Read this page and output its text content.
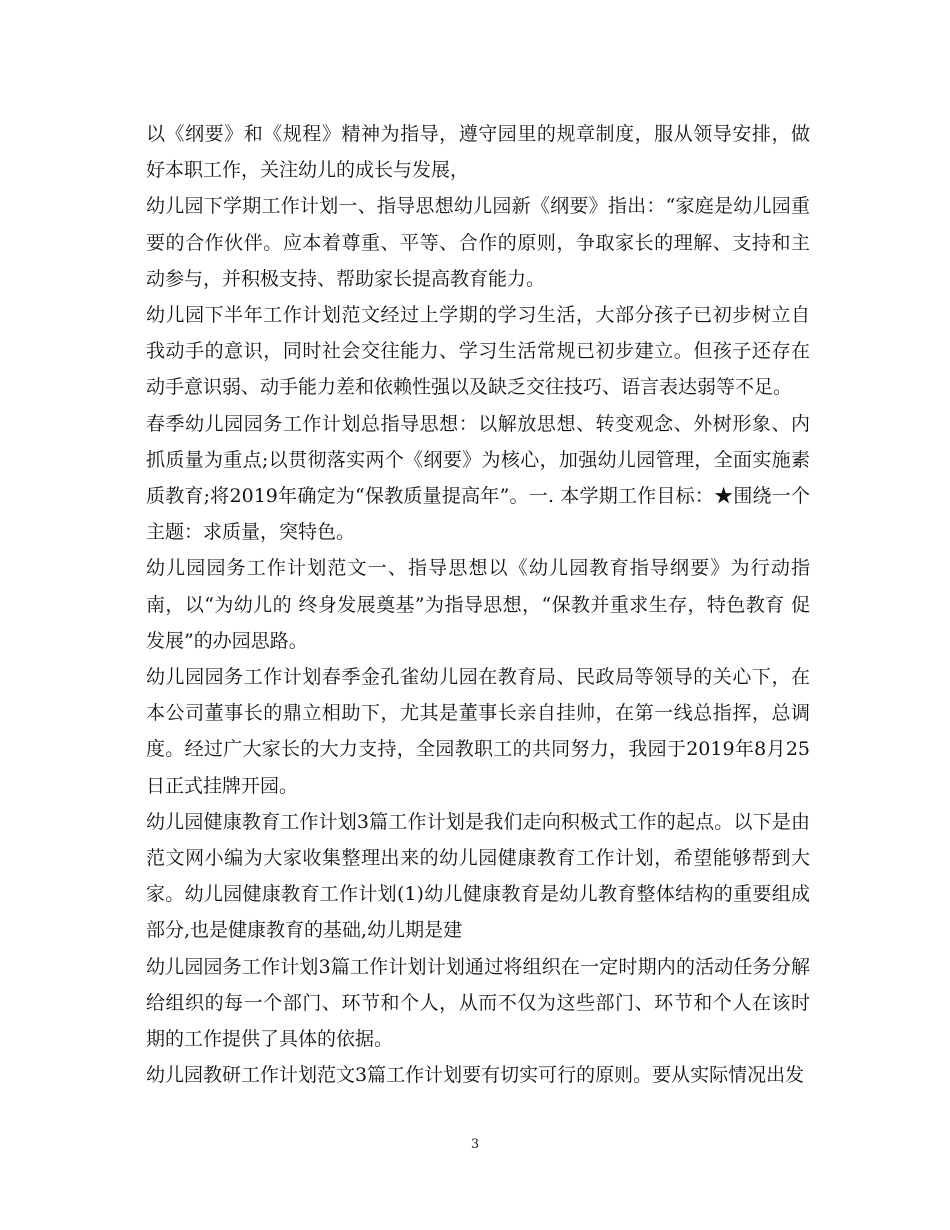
以《纲要》和《规程》精神为指导，遵守园里的规章制度，服从领导安排，做好本职工作，关注幼儿的成长与发展，

幼儿园下学期工作计划一、指导思想幼儿园新《纲要》指出：“家庭是幼儿园重要的合作伙伴。应本着尊重、平等、合作的原则，争取家长的理解、支持和主动参与，并积极支持、帮助家长提高教育能力。

幼儿园下半年工作计划范文经过上学期的学习生活，大部分孩子已初步树立自我动手的意识，同时社会交往能力、学习生活常规已初步建立。但孩子还存在动手意识弱、动手能力差和依赖性强以及缺乏交往技巧、语言表达弱等不足。

春季幼儿园园务工作计划总指导思想：以解放思想、转变观念、外树形象、内抓质量为重点;以贯彻落实两个《纲要》为核心，加强幼儿园管理，全面实施素质教育;将2019年确定为“保教质量提高年”。一. 本学期工作目标：★围绕一个主题：求质量，突特色。

幼儿园园务工作计划范文一、指导思想以《幼儿园教育指导纲要》为行动指南，以“为幼儿的 终身发展奠基”为指导思想，“保教并重求生存，特色教育 促发展”的办园思路。

幼儿园园务工作计划春季金孔雀幼儿园在教育局、民政局等领导的关心下，在本公司董事长的鼎立相助下，尤其是董事长亲自挂帅，在第一线总指挥，总调度。经过广大家长的大力支持，全园教职工的共同努力，我园于2019年8月25日正式挂牌开园。

幼儿园健康教育工作计划3篇工作计划是我们走向积极式工作的起点。以下是由范文网小编为大家收集整理出来的幼儿园健康教育工作计划，希望能够帮到大家。幼儿园健康教育工作计划(1)幼儿健康教育是幼儿教育整体结构的重要组成部分,也是健康教育的基础,幼儿期是建

幼儿园园务工作计划3篇工作计划计划通过将组织在一定时期内的活动任务分解给组织的每一个部门、环节和个人，从而不仅为这些部门、环节和个人在该时期的工作提供了具体的依据。

幼儿园教研工作计划范文3篇工作计划要有切实可行的原则。要从实际情况出发

3
